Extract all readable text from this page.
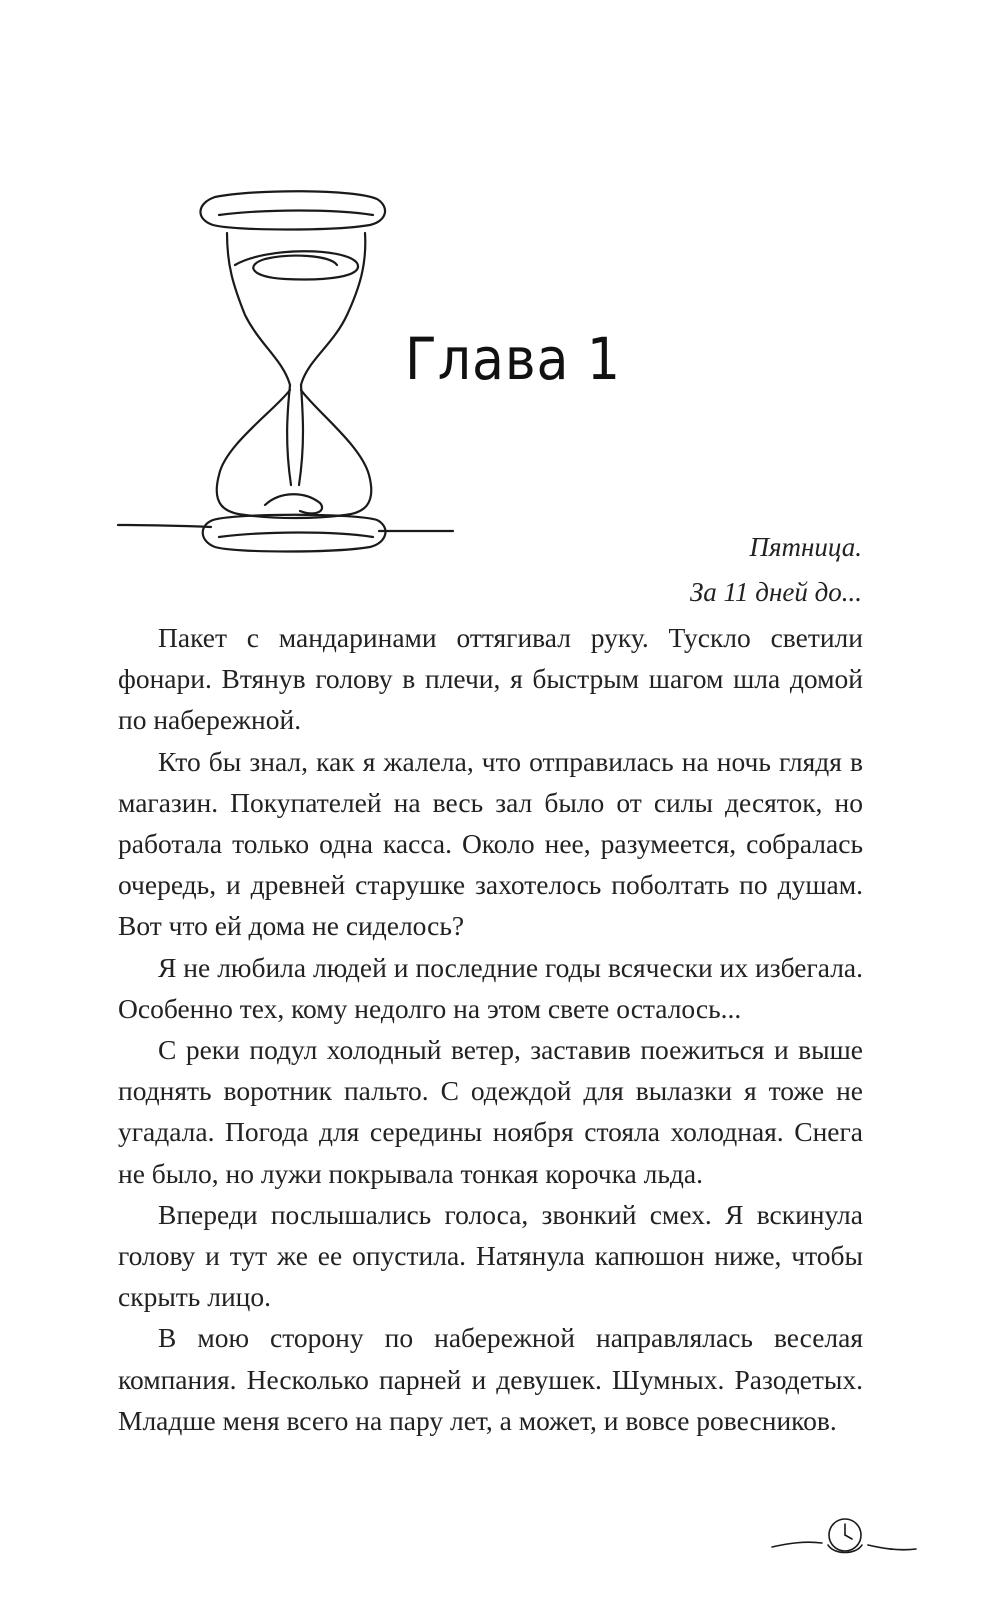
Глава 1
Пятница.
За 11 дней до...

Пакет с мандаринами оттягивал руку. Тускло светили фонари. Втянув голову в плечи, я быстрым шагом шла домой по набережной.

Кто бы знал, как я жалела, что отправилась на ночь глядя в магазин. Покупателей на весь зал было от силы десяток, но работала только одна касса. Около нее, разумеется, собралась очередь, и древней старушке захотелось поболтать по душам. Вот что ей дома не сиделось?

Я не любила людей и последние годы всячески их избегала. Особенно тех, кому недолго на этом свете осталось...

С реки подул холодный ветер, заставив поежиться и выше поднять воротник пальто. С одеждой для вылазки я тоже не угадала. Погода для середины ноября стояла холодная. Снега не было, но лужи покрывала тонкая корочка льда.

Впереди послышались голоса, звонкий смех. Я вскинула голову и тут же ее опустила. Натянула капюшон ниже, чтобы скрыть лицо.

В мою сторону по набережной направлялась веселая компания. Несколько парней и девушек. Шумных. Разодетых. Младше меня всего на пару лет, а может, и вовсе ровесников.
